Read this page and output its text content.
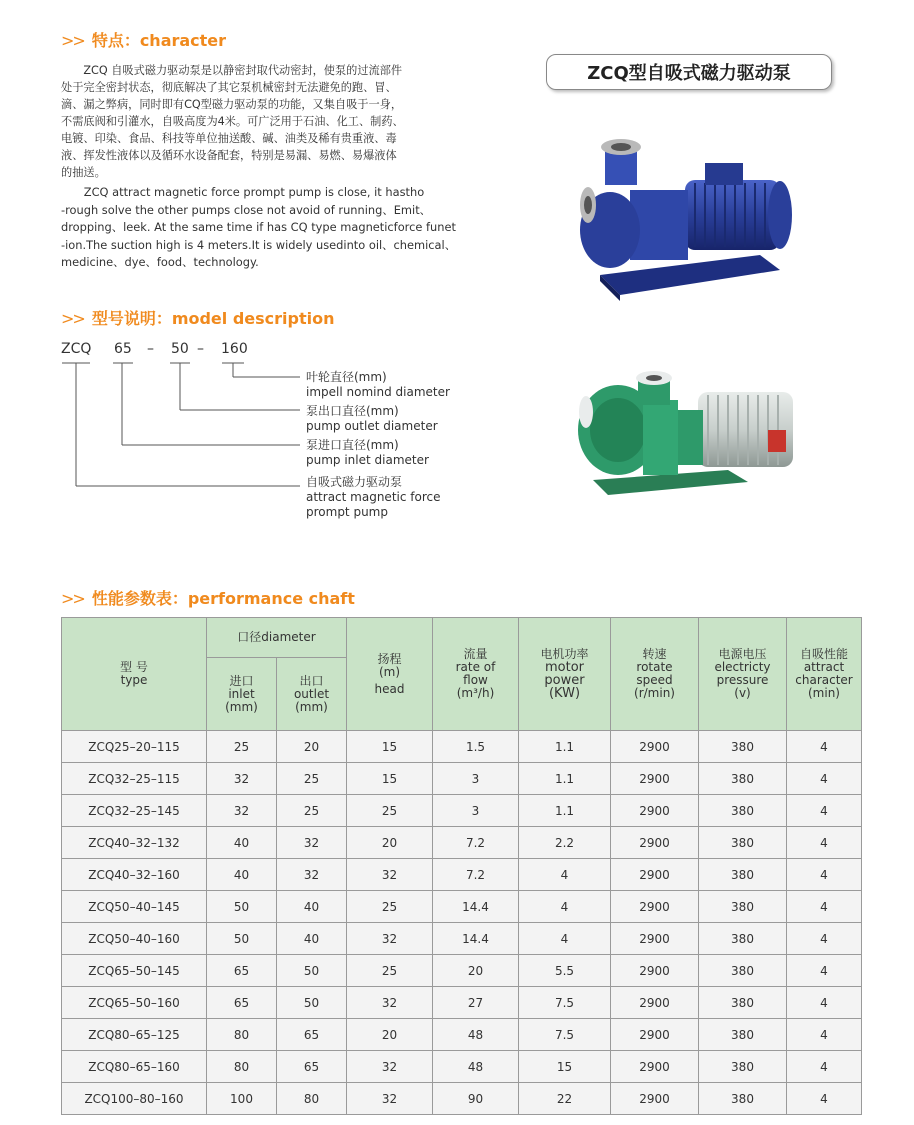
>> 特点：character
　　ZCQ 自吸式磁力驱动泵是以静密封取代动密封，使泵的过流部件
处于完全密封状态，彻底解决了其它泵机械密封无法避免的跑、冒、
滴、漏之弊病，同时即有CQ型磁力驱动泵的功能，又集自吸于一身，
不需底阀和引灌水，自吸高度为4米。可广泛用于石油、化工、制药、
电镀、印染、食品、科技等单位抽送酸、碱、油类及稀有贵重液、毒
液、挥发性液体以及循环水设备配套，特别是易漏、易燃、易爆液体
的抽送。
　　ZCQ attract magnetic force prompt pump is close, it hastho
-rough solve the other pumps close not avoid of running、Emit、
dropping、leek. At the same time if has CQ type magneticforce funet
-ion.The suction high is 4 meters.It is widely usedinto oil、chemical、
medicine、dye、food、technology.
ZCQ型自吸式磁力驱动泵
>> 型号说明：model description
ZCQ 65 – 50 – 160
叶轮直径(mm)
impell nomind diameter
泵出口直径(mm)
pump outlet diameter
泵进口直径(mm)
pump inlet diameter
自吸式磁力驱动泵
attract magnetic force
prompt pump
>> 性能参数表：performance chaft
型 号
type	口径diameter		扬程
(m)
head	流量
rate of
flow
(m³/h)	电机功率
motor
power
(KW)	转速
rotate
speed
(r/min)	电源电压
electricty
pressure
(v)	自吸性能
attract
character
(min)

	进口
inlet
(mm)	出口
outlet
(mm)						

ZCQ25–20–115	25	20	15	1.5	1.1	2900	380	4
ZCQ32–25–115	32	25	15	3	1.1	2900	380	4
ZCQ32–25–145	32	25	25	3	1.1	2900	380	4
ZCQ40–32–132	40	32	20	7.2	2.2	2900	380	4
ZCQ40–32–160	40	32	32	7.2	4	2900	380	4
ZCQ50–40–145	50	40	25	14.4	4	2900	380	4
ZCQ50–40–160	50	40	32	14.4	4	2900	380	4
ZCQ65–50–145	65	50	25	20	5.5	2900	380	4
ZCQ65–50–160	65	50	32	27	7.5	2900	380	4
ZCQ80–65–125	80	65	20	48	7.5	2900	380	4
ZCQ80–65–160	80	65	32	48	15	2900	380	4
ZCQ100–80–160	100	80	32	90	22	2900	380	4
